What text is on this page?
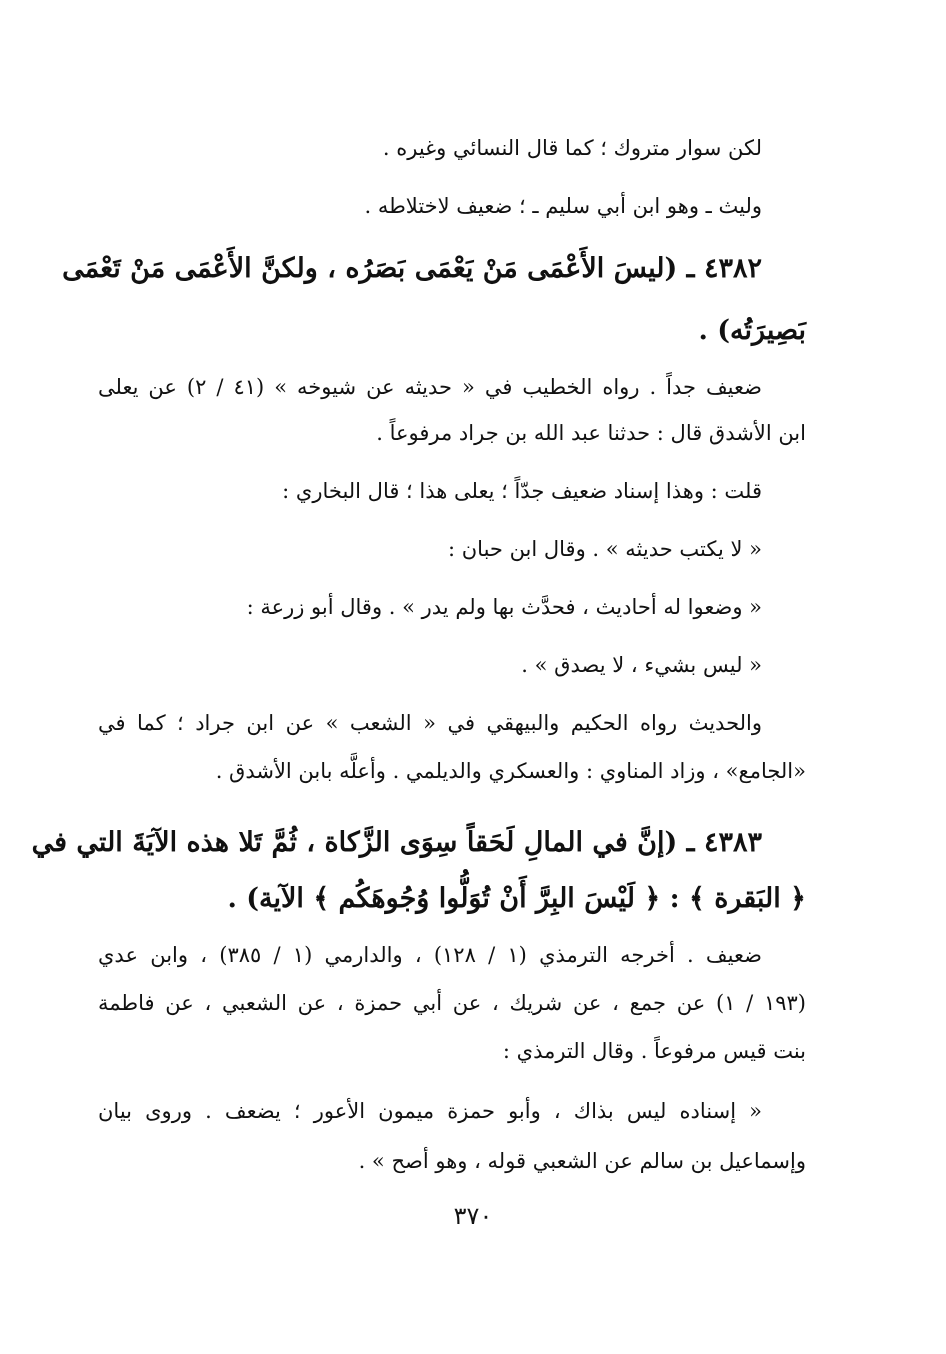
لكن سوار متروك ؛ كما قال النسائي وغيره .
وليث ـ وهو ابن أبي سليم ـ ؛ ضعيف لاختلاطه .
٤٣٨٢ ـ (ليسَ الأَعْمَى مَنْ يَعْمَى بَصَرُه ، ولكنَّ الأَعْمَى مَنْ تَعْمَى
بَصِيرَتُه) .
ضعيف جداً . رواه الخطيب في « حديثه عن شيوخه » (٤١ / ٢) عن يعلى
ابن الأشدق قال : حدثنا عبد الله بن جراد مرفوعاً .
قلت : وهذا إسناد ضعيف جدّاً ؛ يعلى هذا ؛ قال البخاري :
« لا يكتب حديثه » . وقال ابن حبان :
« وضعوا له أحاديث ، فحدَّث بها ولم يدر » . وقال أبو زرعة :
« ليس بشيء ، لا يصدق » .
والحديث رواه الحكيم والبيهقي في « الشعب » عن ابن جراد ؛ كما في
«الجامع» ، وزاد المناوي : والعسكري والديلمي . وأعلَّه بابن الأشدق .
٤٣٨٣ ـ (إنَّ في المالِ لَحَقاً سِوَى الزَّكاة ، ثُمَّ تَلا هذه الآيَةَ التي في
﴿ البَقرة ﴾ : ﴿ لَيْسَ البِرَّ أَنْ تُوَلُّوا وُجُوهَكُم ﴾ الآية) .
ضعيف . أخرجه الترمذي (١ / ١٢٨) ، والدارمي (١ / ٣٨٥) ، وابن عدي
(١٩٣ / ١) عن جمع ، عن شريك ، عن أبي حمزة ، عن الشعبي ، عن فاطمة
بنت قيس مرفوعاً . وقال الترمذي :
« إسناده ليس بذاك ، وأبو حمزة ميمون الأعور ؛ يضعف . وروى بيان
وإسماعيل بن سالم عن الشعبي قوله ، وهو أصح » .
٣٧٠
